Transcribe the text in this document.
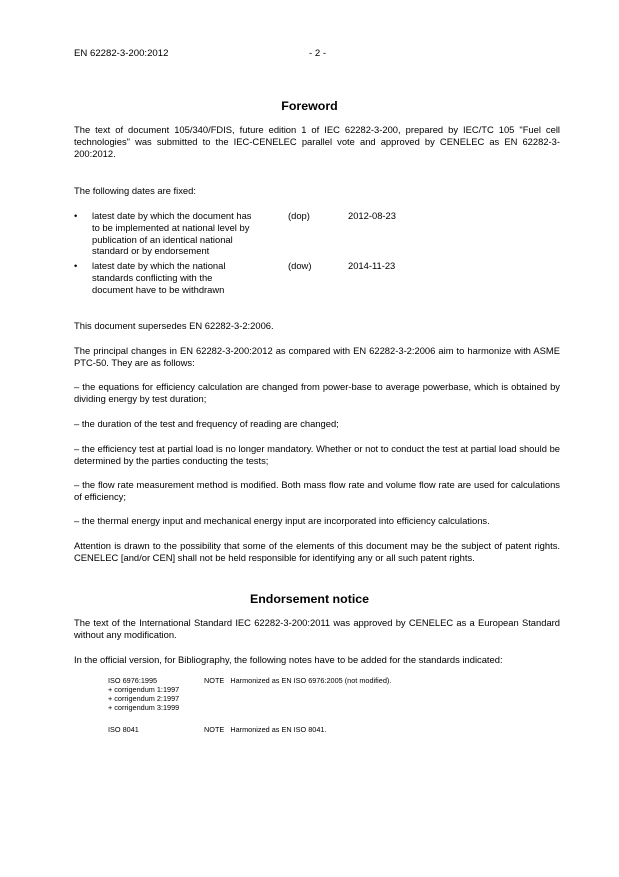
EN 62282-3-200:2012	- 2 -
Foreword
The text of document 105/340/FDIS, future edition 1 of IEC 62282-3-200, prepared by IEC/TC 105 "Fuel cell technologies" was submitted to the IEC-CENELEC parallel vote and approved by CENELEC as EN 62282-3-200:2012.
The following dates are fixed:
• latest date by which the document has
to be implemented at national level by
publication of an identical national
standard or by endorsement
(dop)	2012-08-23
• latest date by which the national
standards conflicting with the
document have to be withdrawn
(dow)	2014-11-23
This document supersedes EN 62282-3-2:2006.
The principal changes in EN 62282-3-200:2012 as compared with EN 62282-3-2:2006 aim to harmonize with ASME PTC-50. They are as follows:
– the equations for efficiency calculation are changed from power-base to average powerbase, which is obtained by dividing energy by test duration;
– the duration of the test and frequency of reading are changed;
– the efficiency test at partial load is no longer mandatory. Whether or not to conduct the test at partial load should be determined by the parties conducting the tests;
– the flow rate measurement method is modified. Both mass flow rate and volume flow rate are used for calculations of efficiency;
– the thermal energy input and mechanical energy input are incorporated into efficiency calculations.
Attention is drawn to the possibility that some of the elements of this document may be the subject of patent rights. CENELEC [and/or CEN] shall not be held responsible for identifying any or all such patent rights.
Endorsement notice
The text of the International Standard IEC 62282-3-200:2011 was approved by CENELEC as a European Standard without any modification.
In the official version, for Bibliography, the following notes have to be added for the standards indicated:
ISO 6976:1995
+ corrigendum 1:1997
+ corrigendum 2:1997
+ corrigendum 3:1999
NOTE   Harmonized as EN ISO 6976:2005 (not modified).
ISO 8041	NOTE   Harmonized as EN ISO 8041.
